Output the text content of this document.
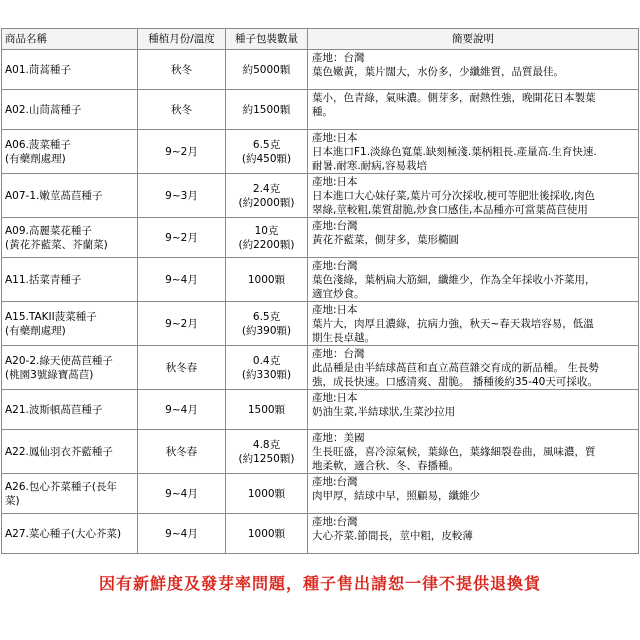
商品名稱	種植月份/溫度	種子包裝數量	簡要說明

A01.茼蒿種子	秋冬	約5000顆	產地：台灣
葉色嫩黃，葉片闊大，水份多，少纖維質，品質最佳。

A02.山茼蒿種子	秋冬	約1500顆	葉小，色青綠，氣味濃。側芽多，耐熱性強，晚開花日本製葉
種。

A06.菠菜種子
(有藥劑處理)	9~2月	6.5克
(約450顆)	產地:日本
日本進口F1.淡綠色寬葉.缺刻極淺.葉柄粗長.產量高.生育快速.
耐暑.耐寒.耐病,容易栽培

A07-1.嫩莖萵苣種子	9~3月	2.4克
(約2000顆)	產地:日本
日本進口大心妹仔菜,葉片可分次採收,梗可等肥壯後採收,肉色
翠綠,莖較粗,葉質甜脆,炒食口感佳,本品種亦可當葉萵苣使用

A09.高麗菜花種子
(黃花芥藍菜、芥蘭菜)	9~2月	10克
(約2200顆)	產地:台灣
黃花芥藍菜，側芽多，葉形橢圓

A11.括菜青種子	9~4月	1000顆	產地:台灣
葉色淺綠，葉柄扁大筋細，纖維少，作為全年採收小芥菜用，
適宜炒食。

A15.TAKII菠菜種子
(有藥劑處理)	9~2月	6.5克
(約390顆)	產地:日本
葉片大，肉厚且濃綠，抗病力強，秋天~春天栽培容易，低溫
期生長卓越。

A20-2.綠天使萵苣種子
(桃園3號綠寶萵苣)	秋冬春	0.4克
(約330顆)	產地：台灣
此品種是由半結球萵苣和直立萵苣雜交育成的新品種。 生長勢
強，成長快速。口感清爽、甜脆。 播種後約35-40天可採收。

A21.波斯頓萵苣種子	9~4月	1500顆	產地:日本
奶油生菜,半結球狀,生菜沙拉用

A22.鳳仙羽衣芥藍種子	秋冬春	4.8克
(約1250顆)	產地：美國
生長旺盛，喜冷涼氣候，葉綠色，葉緣細裂卷曲，風味濃，質
地柔軟，適合秋、冬、春播種。

A26.包心芥菜種子(長年
菜)	9~4月	1000顆	產地:台灣
肉甲厚，結球中早，照顧易，纖維少

A27.菜心種子(大心芥菜)	9~4月	1000顆	產地:台灣
大心芥菜.節間長，莖中粗，皮較薄
因有新鮮度及發芽率問題，種子售出請恕一律不提供退換貨
